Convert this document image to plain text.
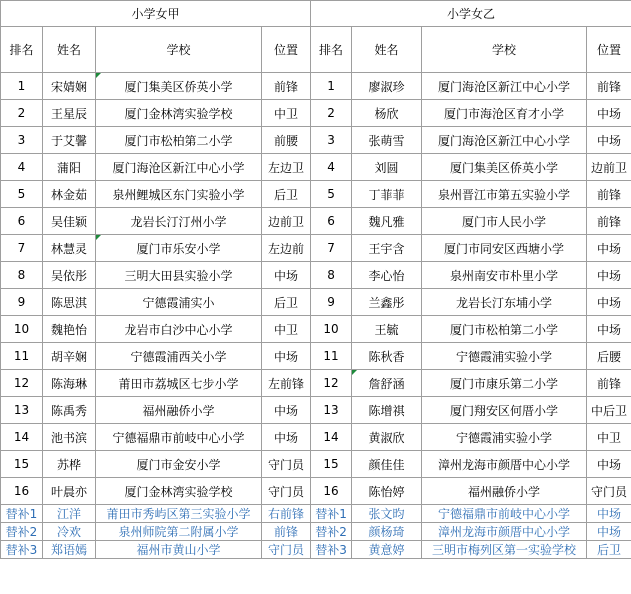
小学女甲				小学女乙			
排名	姓名	学校	位置	排名	姓名	学校	位置
1	宋婧娴	厦门集美区侨英小学	前锋	1	廖淑珍	厦门海沧区新江中心小学	前锋
2	王星辰	厦门金林湾实验学校	中卫	2	杨欣	厦门市海沧区育才小学	中场
3	于艾馨	厦门市松柏第二小学	前腰	3	张萌雪	厦门海沧区新江中心小学	中场
4	蒲阳	厦门海沧区新江中心小学	左边卫	4	刘圆	厦门集美区侨英小学	边前卫
5	林金茹	泉州鲤城区东门实验小学	后卫	5	丁菲菲	泉州晋江市第五实验小学	前锋
6	吴佳颖	龙岩长汀汀州小学	边前卫	6	魏凡雅	厦门市人民小学	前锋
7	林慧灵	厦门市乐安小学	左边前	7	王宇含	厦门市同安区西塘小学	中场
8	吴依彤	三明大田县实验小学	中场	8	李心怡	泉州南安市朴里小学	中场
9	陈思淇	宁德霞浦实小	后卫	9	兰鑫彤	龙岩长汀东埔小学	中场
10	魏艳怡	龙岩市白沙中心小学	中卫	10	王毓	厦门市松柏第二小学	中场
11	胡辛娴	宁德霞浦西关小学	中场	11	陈秋香	宁德霞浦实验小学	后腰
12	陈海琳	莆田市荔城区七步小学	左前锋	12	詹舒涵	厦门市康乐第二小学	前锋
13	陈禹秀	福州融侨小学	中场	13	陈增祺	厦门翔安区何厝小学	中后卫
14	池书滨	宁德福鼎市前岐中心小学	中场	14	黄淑欣	宁德霞浦实验小学	中卫
15	苏桦	厦门市金安小学	守门员	15	颜佳佳	漳州龙海市颜厝中心小学	中场
16	叶晨亦	厦门金林湾实验学校	守门员	16	陈怡婷	福州融侨小学	守门员
替补1	江洋	莆田市秀屿区第三实验小学	右前锋	替补1	张文昀	宁德福鼎市前岐中心小学	中场
替补2	冷欢	泉州师院第二附属小学	前锋	替补2	颜杨琦	漳州龙海市颜厝中心小学	中场
替补3	郑语嫣	福州市黄山小学	守门员	替补3	黄意婷	三明市梅列区第一实验学校	后卫
